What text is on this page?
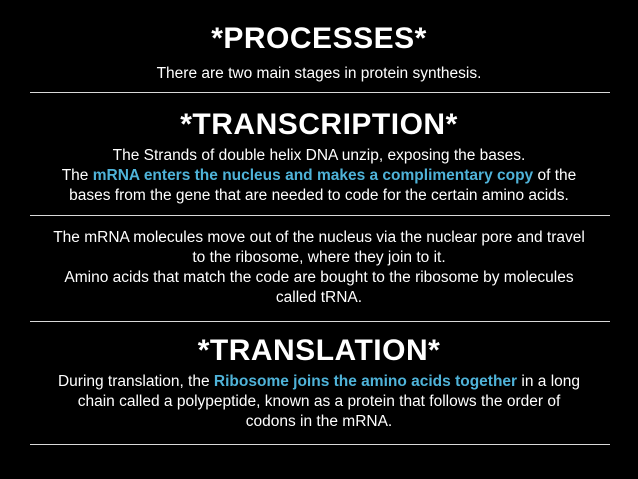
*PROCESSES*

There are two main stages in protein synthesis.

*TRANSCRIPTION*
The Strands of double helix DNA unzip, exposing the bases.
The mRNA enters the nucleus and makes a complimentary copy of the
bases from the gene that are needed to code for the certain amino acids.
The mRNA molecules move out of the nucleus via the nuclear pore and travel
to the ribosome, where they join to it.
Amino acids that match the code are bought to the ribosome by molecules
called tRNA.
*TRANSLATION*
During translation, the Ribosome joins the amino acids together in a long
chain called a polypeptide, known as a protein that follows the order of
codons in the mRNA.
